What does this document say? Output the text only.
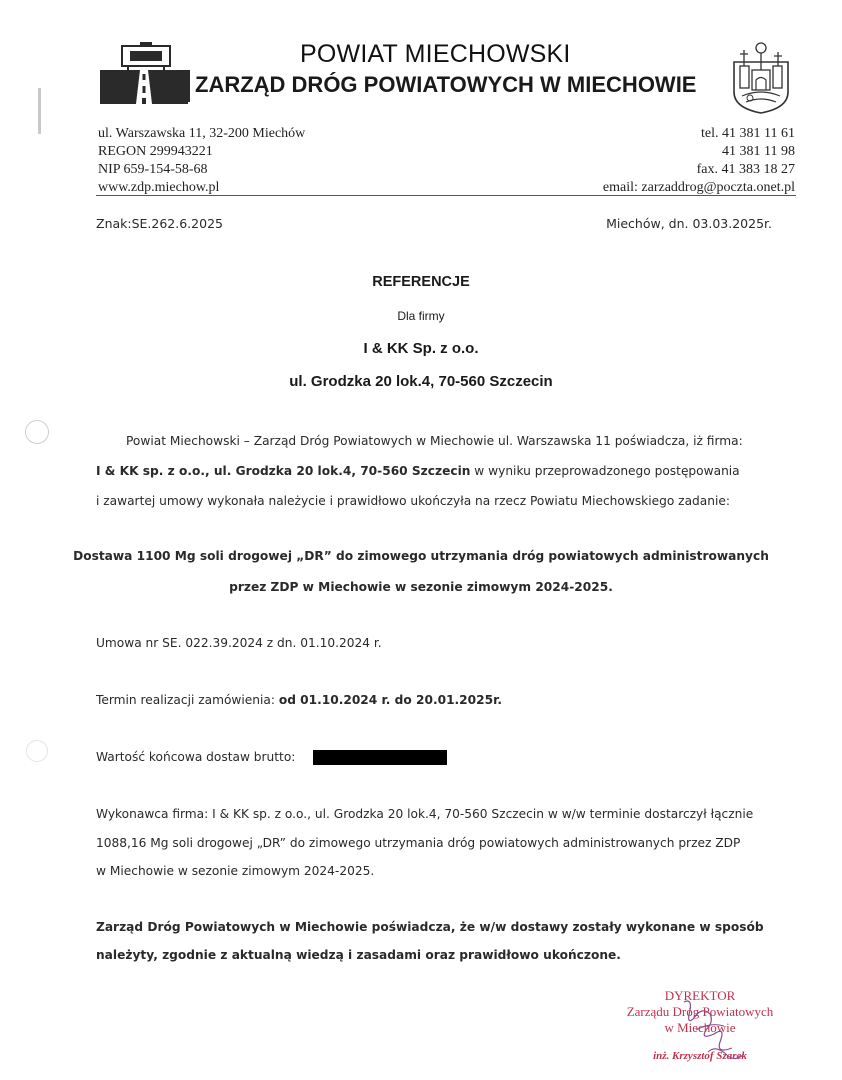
POWIAT MIECHOWSKI
ZARZĄD DRÓG POWIATOWYCH W MIECHOWIE
ul. Warszawska 11, 32-200 Miechów
REGON 299943221
NIP 659-154-58-68
www.zdp.miechow.pl
tel. 41 381 11 61
41 381 11 98
fax. 41 383 18 27
email: zarzaddrog@poczta.onet.pl
Znak:SE.262.6.2025	Miechów, dn. 03.03.2025r.
REFERENCJE
Dla firmy
I & KK Sp. z o.o.
ul. Grodzka 20 lok.4, 70-560 Szczecin
Powiat Miechowski – Zarząd Dróg Powiatowych w Miechowie ul. Warszawska 11 poświadcza, iż firma:
I & KK sp. z o.o., ul. Grodzka 20 lok.4, 70-560 Szczecin w wyniku przeprowadzonego postępowania
i zawartej umowy wykonała należycie i prawidłowo ukończyła na rzecz Powiatu Miechowskiego zadanie:
Dostawa 1100 Mg soli drogowej „DR” do zimowego utrzymania dróg powiatowych administrowanych
przez ZDP w Miechowie w sezonie zimowym 2024-2025.
Umowa nr SE. 022.39.2024 z dn. 01.10.2024 r.
Termin realizacji zamówienia: od 01.10.2024 r. do 20.01.2025r.
Wartość końcowa dostaw brutto:
Wykonawca firma: I & KK sp. z o.o., ul. Grodzka 20 lok.4, 70-560 Szczecin w w/w terminie dostarczył łącznie
1088,16 Mg soli drogowej „DR” do zimowego utrzymania dróg powiatowych administrowanych przez ZDP
w Miechowie w sezonie zimowym 2024-2025.
Zarząd Dróg Powiatowych w Miechowie poświadcza, że w/w dostawy zostały wykonane w sposób
należyty, zgodnie z aktualną wiedzą i zasadami oraz prawidłowo ukończone.
DYREKTOR
Zarządu Dróg Powiatowych
w Miechowie
inż. Krzysztof Szarek
